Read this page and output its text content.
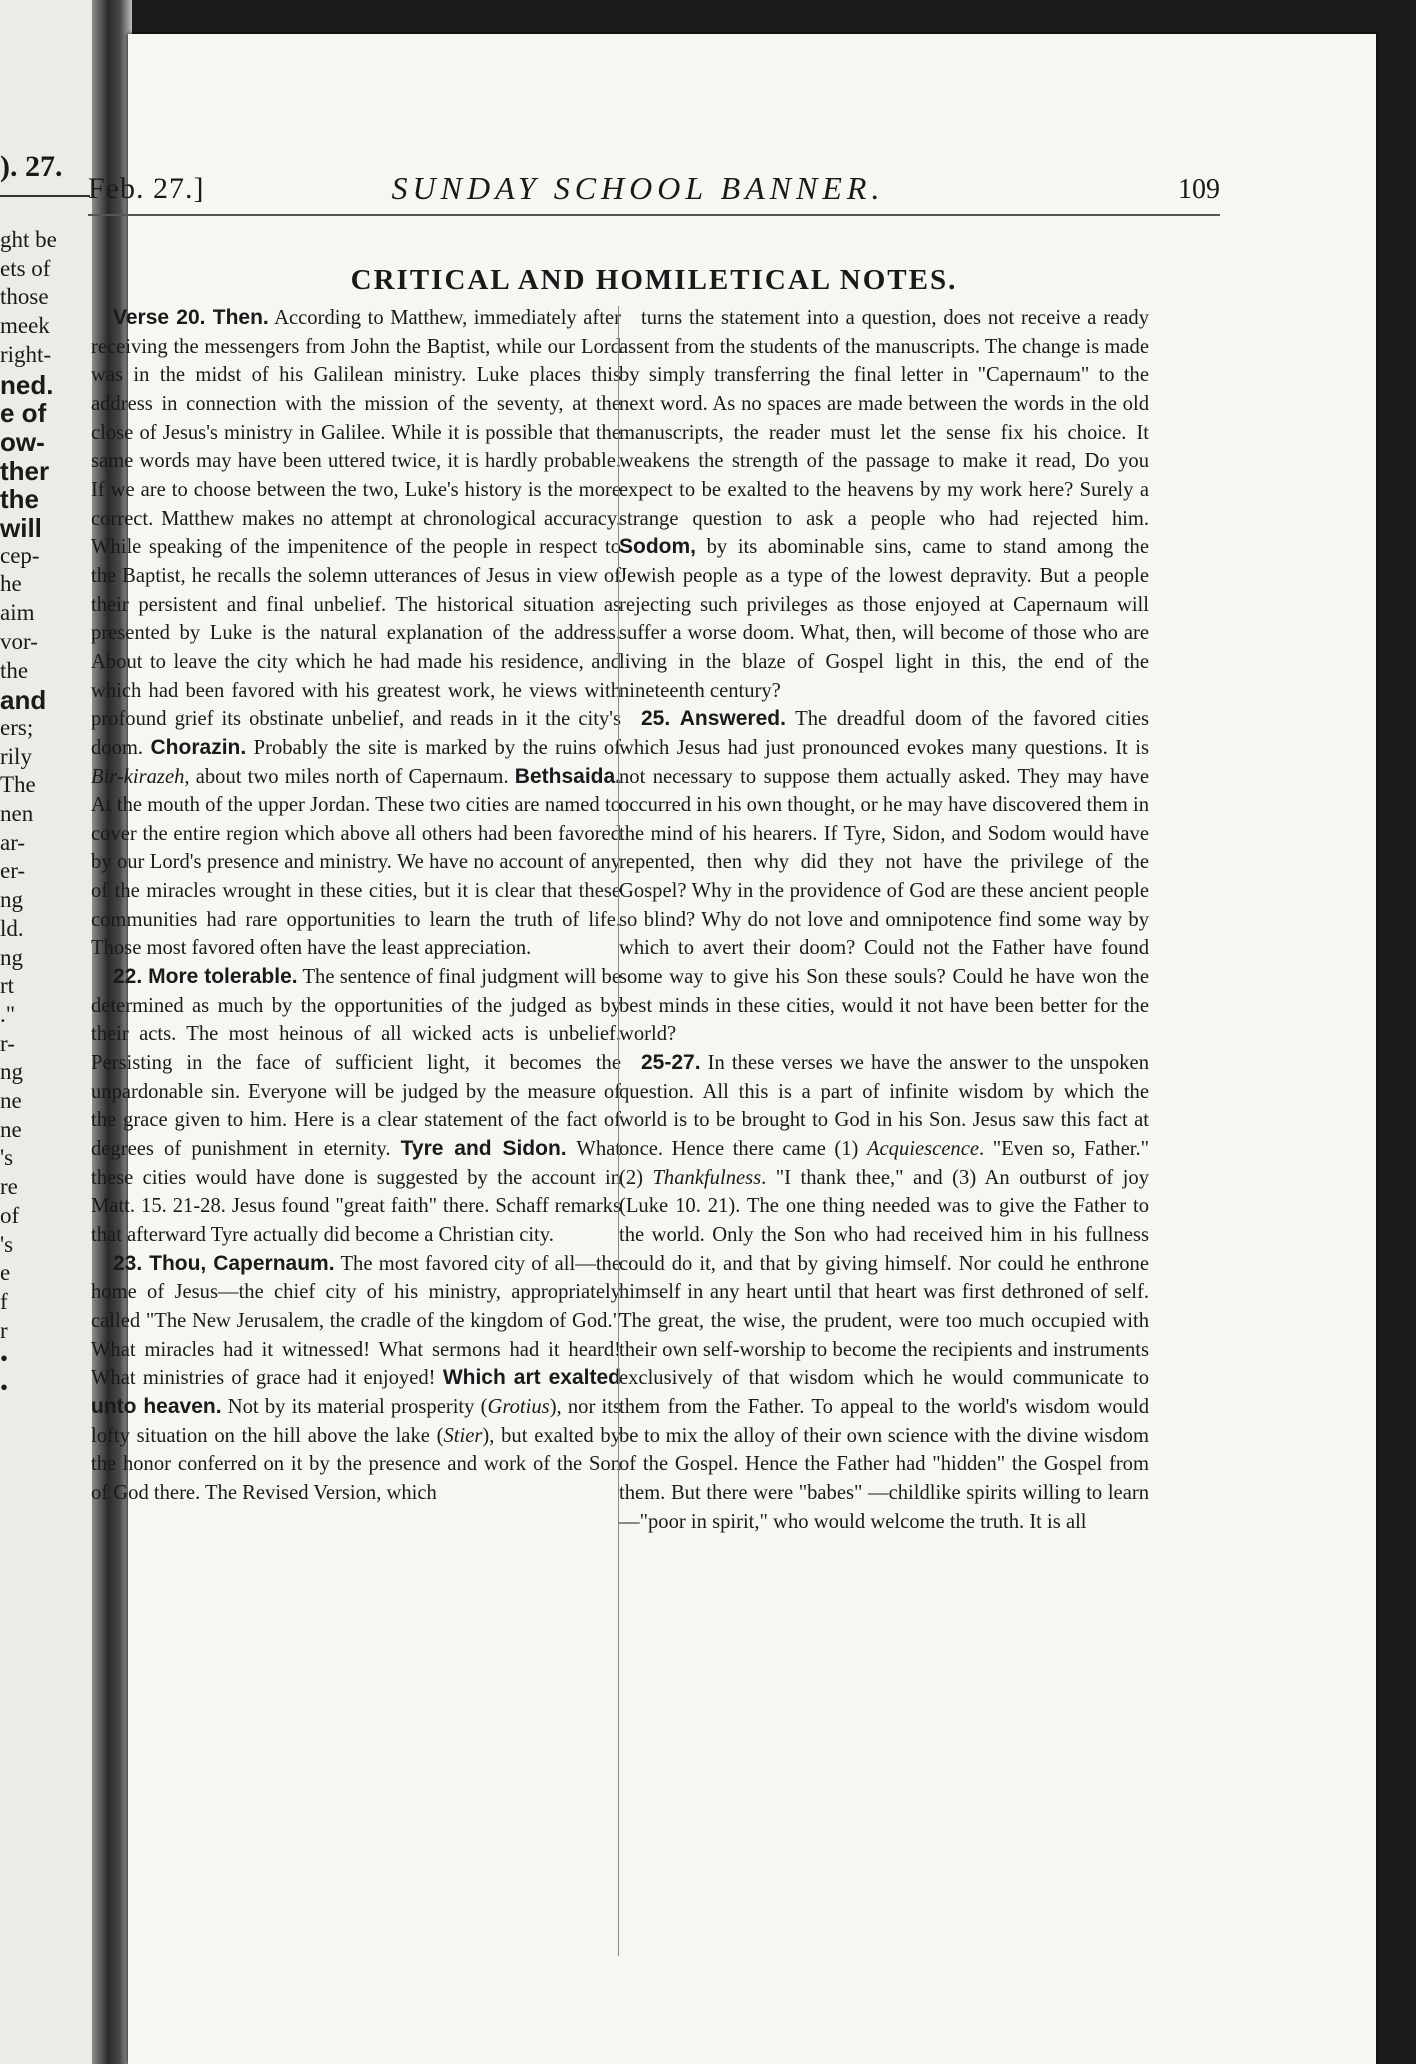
). 27.
ght be
ets of
those
meek
right-
ned.
e of
ow-
ther
the
will
cep-
he
aim
vor-
the
and
ers;
rily
The
nen
ar-
er-
ng
ld.
ng
rt
."
r-
ng
ne
ne
's
re
of
's
e
f
r
•
•
Feb. 27.]	SUNDAY SCHOOL BANNER.	109
CRITICAL AND HOMILETICAL NOTES.

Verse 20. Then. According to Matthew, immediately after receiving the messengers from John the Baptist, while our Lord was in the midst of his Galilean ministry. Luke places this address in connection with the mission of the seventy, at the close of Jesus's ministry in Galilee. While it is possible that the same words may have been uttered twice, it is hardly probable. If we are to choose between the two, Luke's history is the more correct. Matthew makes no attempt at chronological accuracy. While speaking of the impenitence of the people in respect to the Baptist, he recalls the solemn utterances of Jesus in view of their persistent and final unbelief. The historical situation as presented by Luke is the natural explanation of the address. About to leave the city which he had made his residence, and which had been favored with his greatest work, he views with profound grief its obstinate unbelief, and reads in it the city's doom. Chorazin. Probably the site is marked by the ruins of Bir-kirazeh, about two miles north of Capernaum. Bethsaida. At the mouth of the upper Jordan. These two cities are named to cover the entire region which above all others had been favored by our Lord's presence and ministry. We have no account of any of the miracles wrought in these cities, but it is clear that these communities had rare opportunities to learn the truth of life. Those most favored often have the least appreciation.

22. More tolerable. The sentence of final judgment will be determined as much by the opportunities of the judged as by their acts. The most heinous of all wicked acts is unbelief. Persisting in the face of sufficient light, it becomes the unpardonable sin. Everyone will be judged by the measure of the grace given to him. Here is a clear statement of the fact of degrees of punishment in eternity. Tyre and Sidon. What these cities would have done is suggested by the account in Matt. 15. 21-28. Jesus found "great faith" there. Schaff remarks that afterward Tyre actually did become a Christian city.

23. Thou, Capernaum. The most favored city of all—the home of Jesus—the chief city of his ministry, appropriately called "The New Jerusalem, the cradle of the kingdom of God." What miracles had it witnessed! What sermons had it heard! What ministries of grace had it enjoyed! Which art exalted unto heaven. Not by its material prosperity (Grotius), nor its lofty situation on the hill above the lake (Stier), but exalted by the honor conferred on it by the presence and work of the Son of God there. The Revised Version, which

turns the statement into a question, does not receive a ready assent from the students of the manuscripts. The change is made by simply transferring the final letter in "Capernaum" to the next word. As no spaces are made between the words in the old manuscripts, the reader must let the sense fix his choice. It weakens the strength of the passage to make it read, Do you expect to be exalted to the heavens by my work here? Surely a strange question to ask a people who had rejected him. Sodom, by its abominable sins, came to stand among the Jewish people as a type of the lowest depravity. But a people rejecting such privileges as those enjoyed at Capernaum will suffer a worse doom. What, then, will become of those who are living in the blaze of Gospel light in this, the end of the nineteenth century?

25. Answered. The dreadful doom of the favored cities which Jesus had just pronounced evokes many questions. It is not necessary to suppose them actually asked. They may have occurred in his own thought, or he may have discovered them in the mind of his hearers. If Tyre, Sidon, and Sodom would have repented, then why did they not have the privilege of the Gospel? Why in the providence of God are these ancient people so blind? Why do not love and omnipotence find some way by which to avert their doom? Could not the Father have found some way to give his Son these souls? Could he have won the best minds in these cities, would it not have been better for the world?

25-27. In these verses we have the answer to the unspoken question. All this is a part of infinite wisdom by which the world is to be brought to God in his Son. Jesus saw this fact at once. Hence there came (1) Acquiescence. "Even so, Father." (2) Thankfulness. "I thank thee," and (3) An outburst of joy (Luke 10. 21). The one thing needed was to give the Father to the world. Only the Son who had received him in his fullness could do it, and that by giving himself. Nor could he enthrone himself in any heart until that heart was first dethroned of self. The great, the wise, the prudent, were too much occupied with their own self-worship to become the recipients and instruments exclusively of that wisdom which he would communicate to them from the Father. To appeal to the world's wisdom would be to mix the alloy of their own science with the divine wisdom of the Gospel. Hence the Father had "hidden" the Gospel from them. But there were "babes" —childlike spirits willing to learn—"poor in spirit," who would welcome the truth. It is all
